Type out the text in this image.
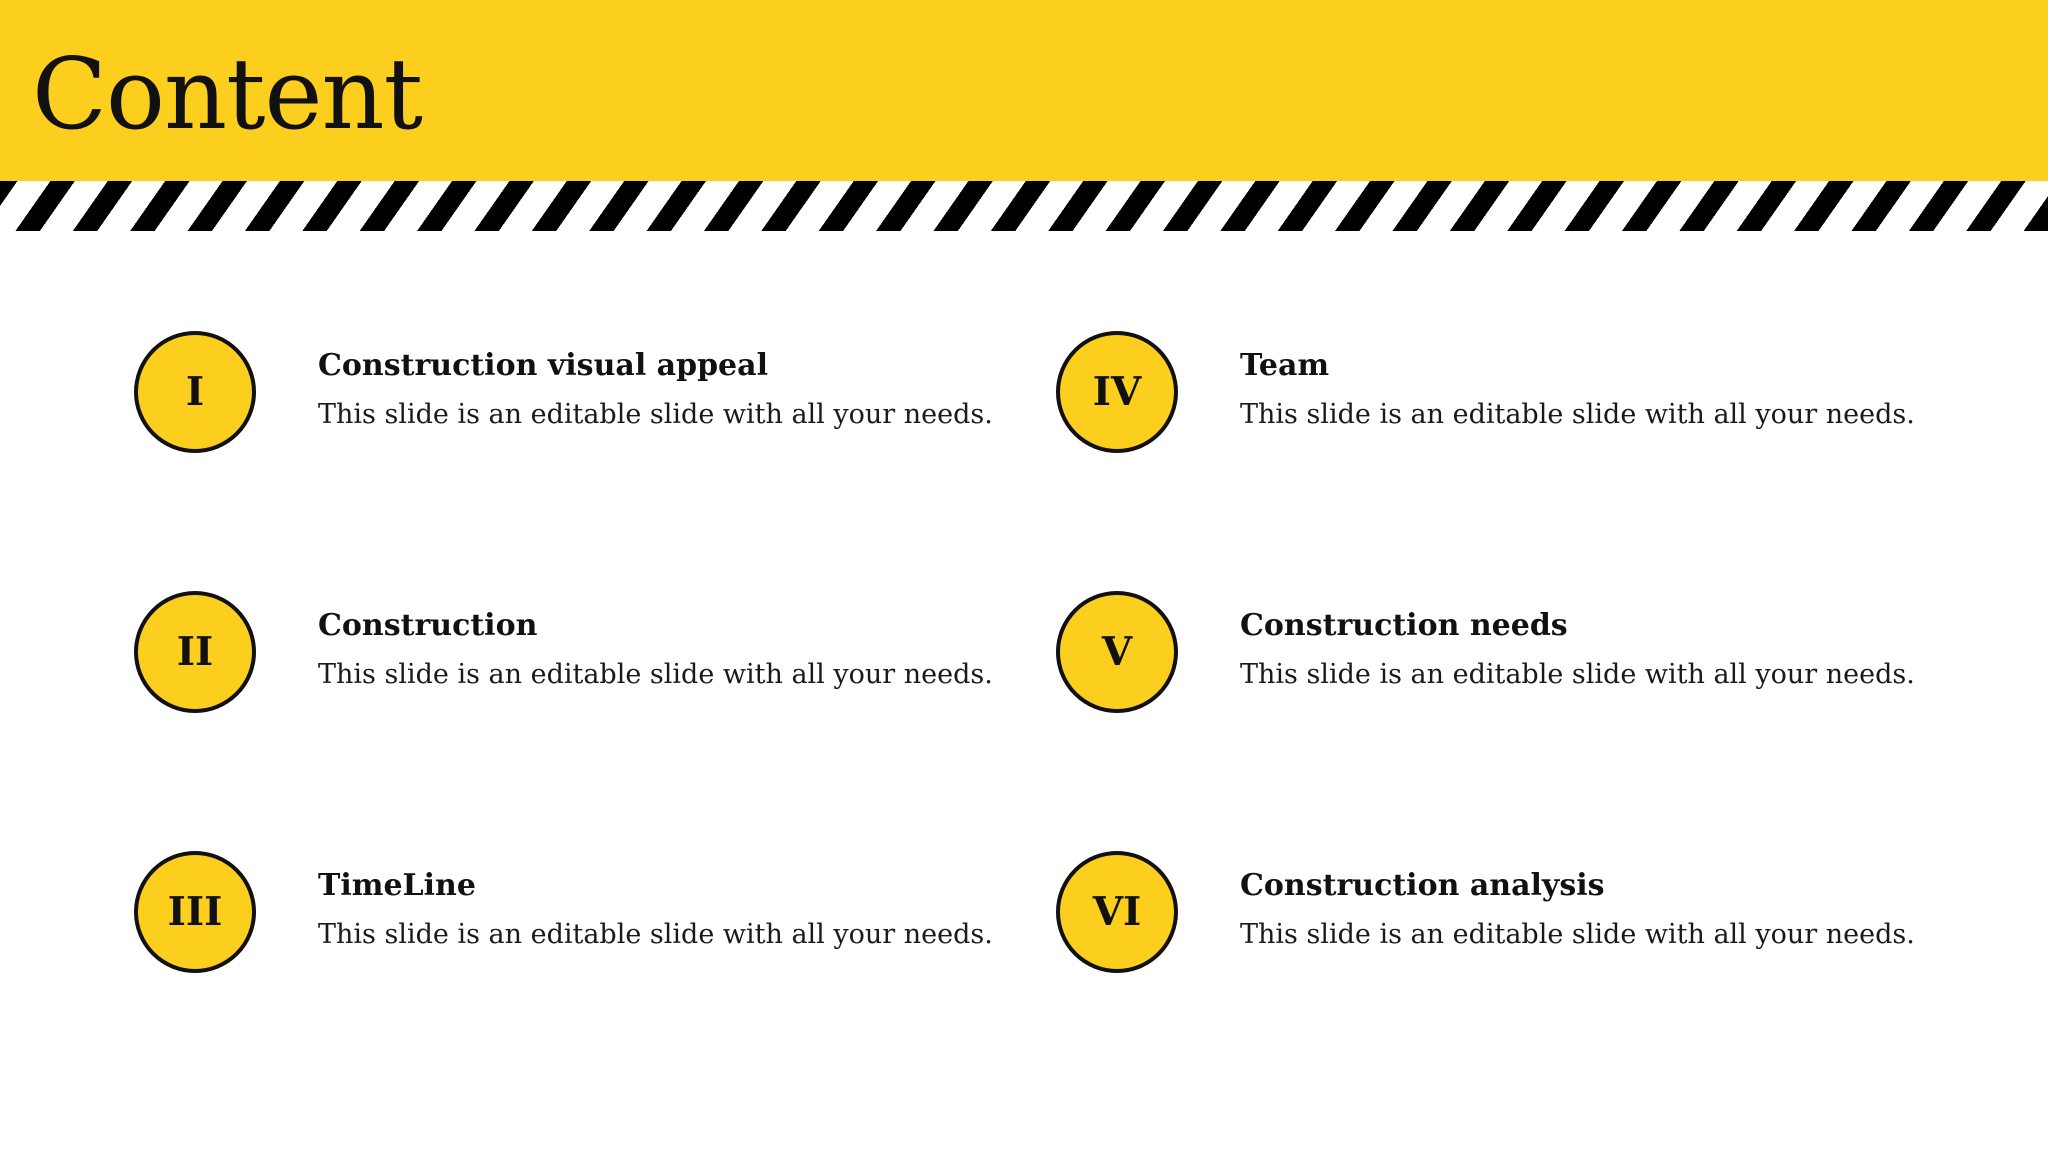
Content
I

Construction visual appeal

This slide is an editable slide with all your needs.

II

Construction

This slide is an editable slide with all your needs.

III

TimeLine

This slide is an editable slide with all your needs.

IV

Team

This slide is an editable slide with all your needs.

V

Construction needs

This slide is an editable slide with all your needs.

VI

Construction analysis

This slide is an editable slide with all your needs.
